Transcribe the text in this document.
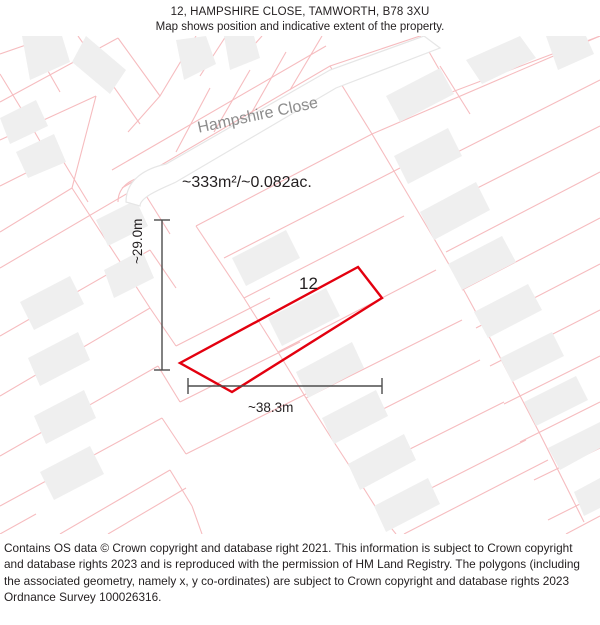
12, HAMPSHIRE CLOSE, TAMWORTH, B78 3XU
Map shows position and indicative extent of the property.
Hampshire Close
~333m²/~0.082ac.
12
~38.3m
~29.0m

Contains OS data © Crown copyright and database right 2021. This information is subject to Crown copyright and database rights 2023 and is reproduced with the permission of HM Land Registry. The polygons (including the associated geometry, namely x, y co-ordinates) are subject to Crown copyright and database rights 2023 Ordnance Survey 100026316.
